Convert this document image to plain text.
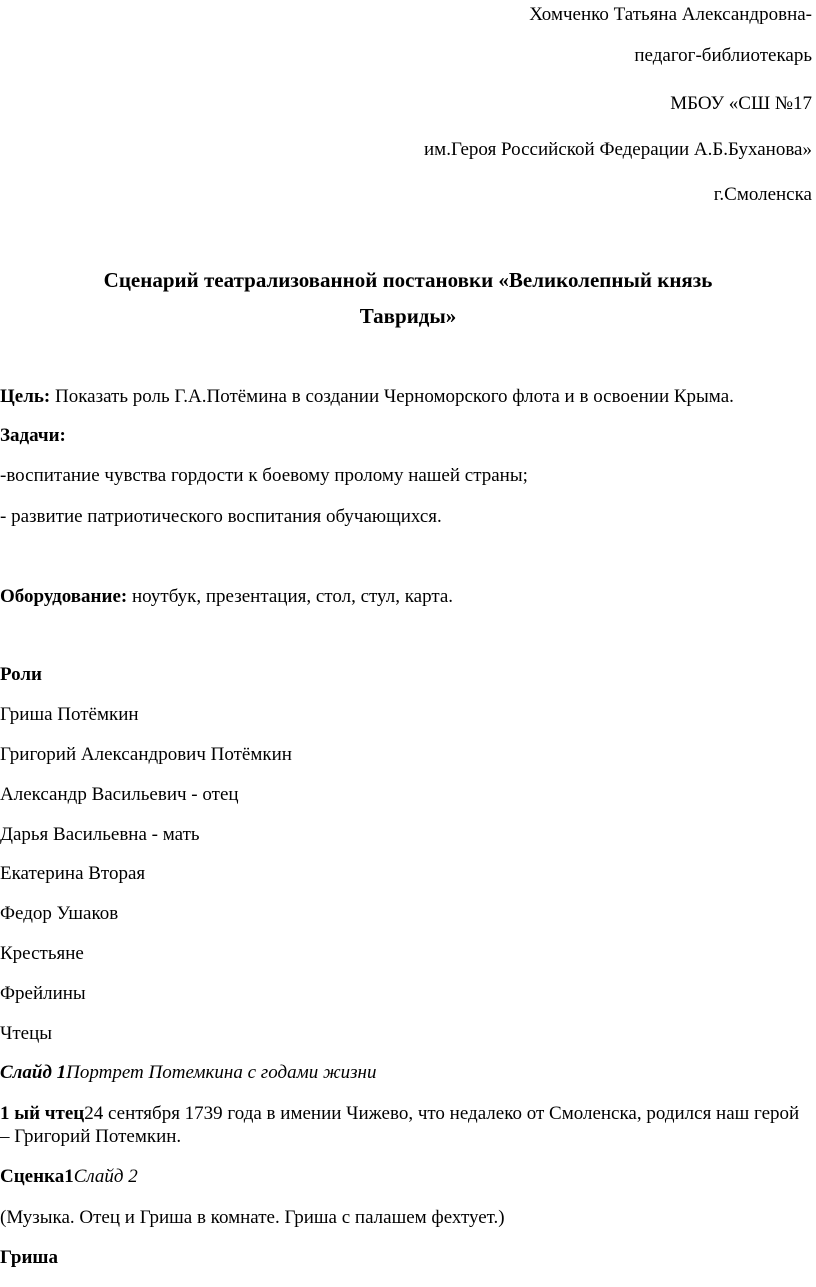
Хомченко Татьяна Александровна-
педагог-библиотекарь
МБОУ «СШ №17
им.Героя Российской Федерации А.Б.Буханова»
г.Смоленска
Сценарий театрализованной постановки «Великолепный князь
Тавриды»
Цель: Показать роль Г.А.Потёмина в создании Черноморского флота и в освоении Крыма.
Задачи:
-воспитание чувства гордости к боевому пролому нашей страны;
- развитие патриотического воспитания обучающихся.
Оборудование: ноутбук, презентация, стол, стул, карта.
Роли
Гриша Потёмкин
Григорий Александрович Потёмкин
Александр Васильевич - отец
Дарья Васильевна - мать
Екатерина Вторая
Федор Ушаков
Крестьяне
Фрейлины
Чтецы
Слайд 1Портрет Потемкина с годами жизни
1 ый чтец24 сентября 1739 года в имении Чижево, что недалеко от Смоленска, родился наш герой – Григорий Потемкин.
Сценка1Слайд 2
(Музыка. Отец и Гриша в комнате. Гриша с палашем фехтует.)
Гриша
